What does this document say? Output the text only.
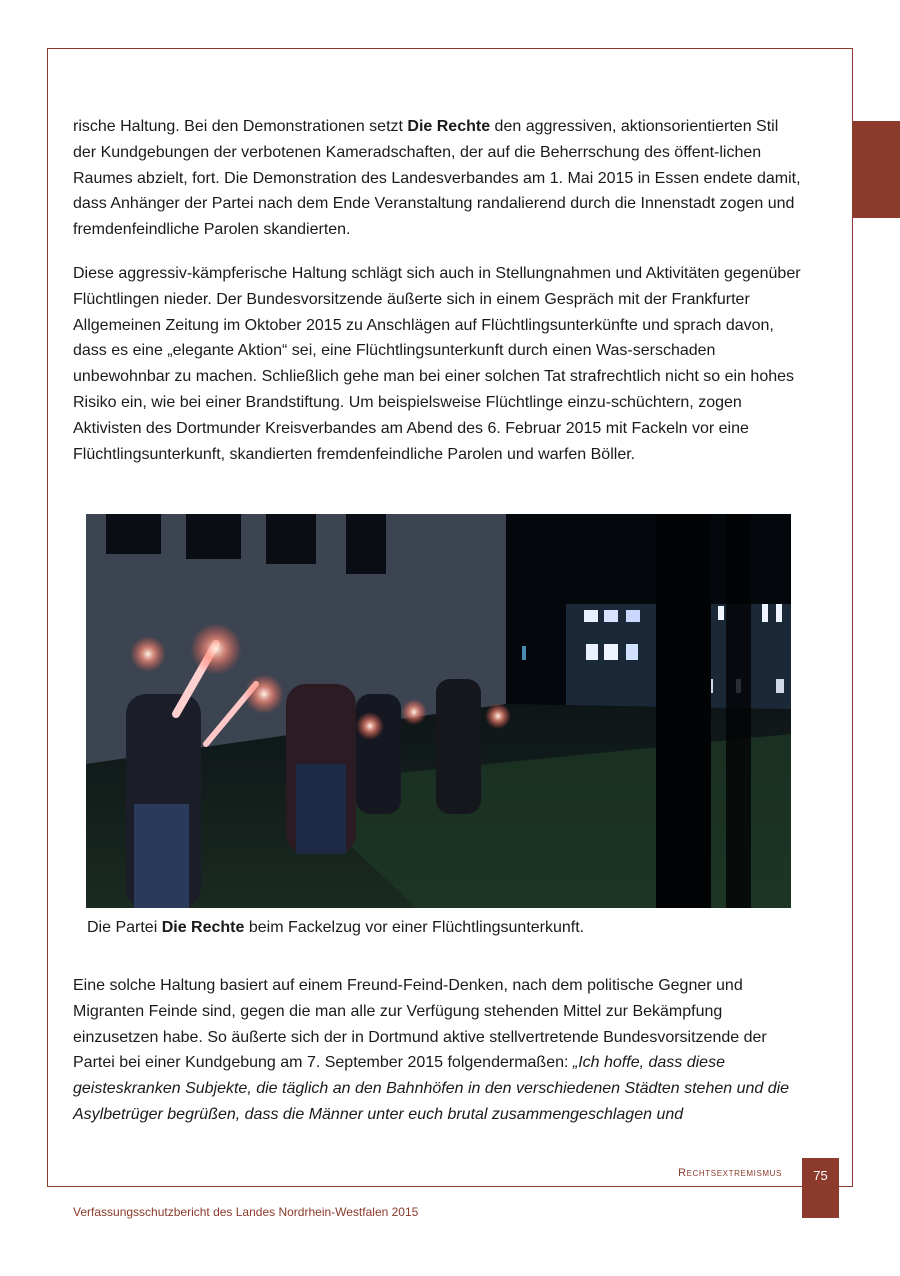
rische Haltung. Bei den Demonstrationen setzt Die Rechte den aggressiven, aktionsorientierten Stil der Kundgebungen der verbotenen Kameradschaften, der auf die Beherrschung des öffent-lichen Raumes abzielt, fort. Die Demonstration des Landesverbandes am 1. Mai 2015 in Essen endete damit, dass Anhänger der Partei nach dem Ende Veranstaltung randalierend durch die Innenstadt zogen und fremdenfeindliche Parolen skandierten.

Diese aggressiv-kämpferische Haltung schlägt sich auch in Stellungnahmen und Aktivitäten gegenüber Flüchtlingen nieder. Der Bundesvorsitzende äußerte sich in einem Gespräch mit der Frankfurter Allgemeinen Zeitung im Oktober 2015 zu Anschlägen auf Flüchtlingsunterkünfte und sprach davon, dass es eine „elegante Aktion“ sei, eine Flüchtlingsunterkunft durch einen Was-serschaden unbewohnbar zu machen. Schließlich gehe man bei einer solchen Tat strafrechtlich nicht so ein hohes Risiko ein, wie bei einer Brandstiftung. Um beispielsweise Flüchtlinge einzu-schüchtern, zogen Aktivisten des Dortmunder Kreisverbandes am Abend des 6. Februar 2015 mit Fackeln vor eine Flüchtlingsunterkunft, skandierten fremdenfeindliche Parolen und warfen Böller.

Die Partei Die Rechte beim Fackelzug vor einer Flüchtlingsunterkunft.

Eine solche Haltung basiert auf einem Freund-Feind-Denken, nach dem politische Gegner und Migranten Feinde sind, gegen die man alle zur Verfügung stehenden Mittel zur Bekämpfung einzusetzen habe. So äußerte sich der in Dortmund aktive stellvertretende Bundesvorsitzende der Partei bei einer Kundgebung am 7. September 2015 folgendermaßen: „Ich hoffe, dass diese geisteskranken Subjekte, die täglich an den Bahnhöfen in den verschiedenen Städten stehen und die Asylbetrüger begrüßen, dass die Männer unter euch brutal zusammengeschlagen und

Rechtsextremismus	75
Verfassungsschutzbericht des Landes Nordrhein-Westfalen 2015
